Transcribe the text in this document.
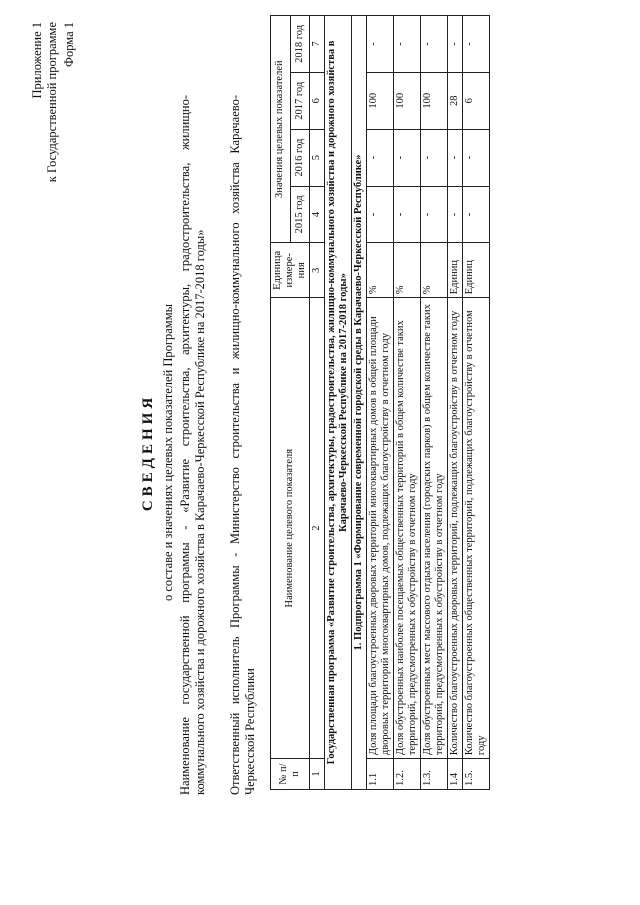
Приложение 1 к Государственной программе Форма 1
СВЕДЕНИЯ о составе и значениях целевых показателей Программы Наименование государственной программы - «Развитие строительства, архитектуры, градостроительства, жилищно-коммунального хозяйства и дорожного хозяйства в Карачаево-Черкесской Республике на 2017-2018 годы» Ответственный исполнитель Программы - Министерство строительства и жилищно-коммунального хозяйства Карачаево-Черкесской Республики № п/п	Наименование целевого показателя	Единица измере-ния	Значения целевых показателей			
			2015 год	2016 год	2017 год	2018 год
1	2	3	4	5	6	7
Государственная программа «Развитие строительства, архитектуры, градостроительства, жилищно-коммунального хозяйства и дорожного хозяйства в Карачаево-Черкесской Республике на 2017-2018 годы»						
1. Подпрограмма 1 «Формирование современной городской среды в Карачаево-Черкесской Республике»						
1.1	Доля площади благоустроенных дворовых территорий многоквартирных домов в общей площади дворовых территорий многоквартирных домов, подлежащих благоустройству в отчетном году	%	-	-	100	-
1.2.	Доля обустроенных наиболее посещаемых общественных территорий в общем количестве таких территорий, предусмотренных к обустройству в отчетном году	%	-	-	100	-
1.3.	Доля обустроенных мест массового отдыха населения (городских парков) в общем количестве таких территорий, предусмотренных к обустройству в отчетном году	%	-	-	100	-
1.4	Количество благоустроенных дворовых территорий, подлежащих благоустройству в отчетном году	Единиц	-	-	28	-
1.5.	Количество благоустроенных общественных территорий, подлежащих благоустройству в отчетном году	Единиц	-	-	6	-
